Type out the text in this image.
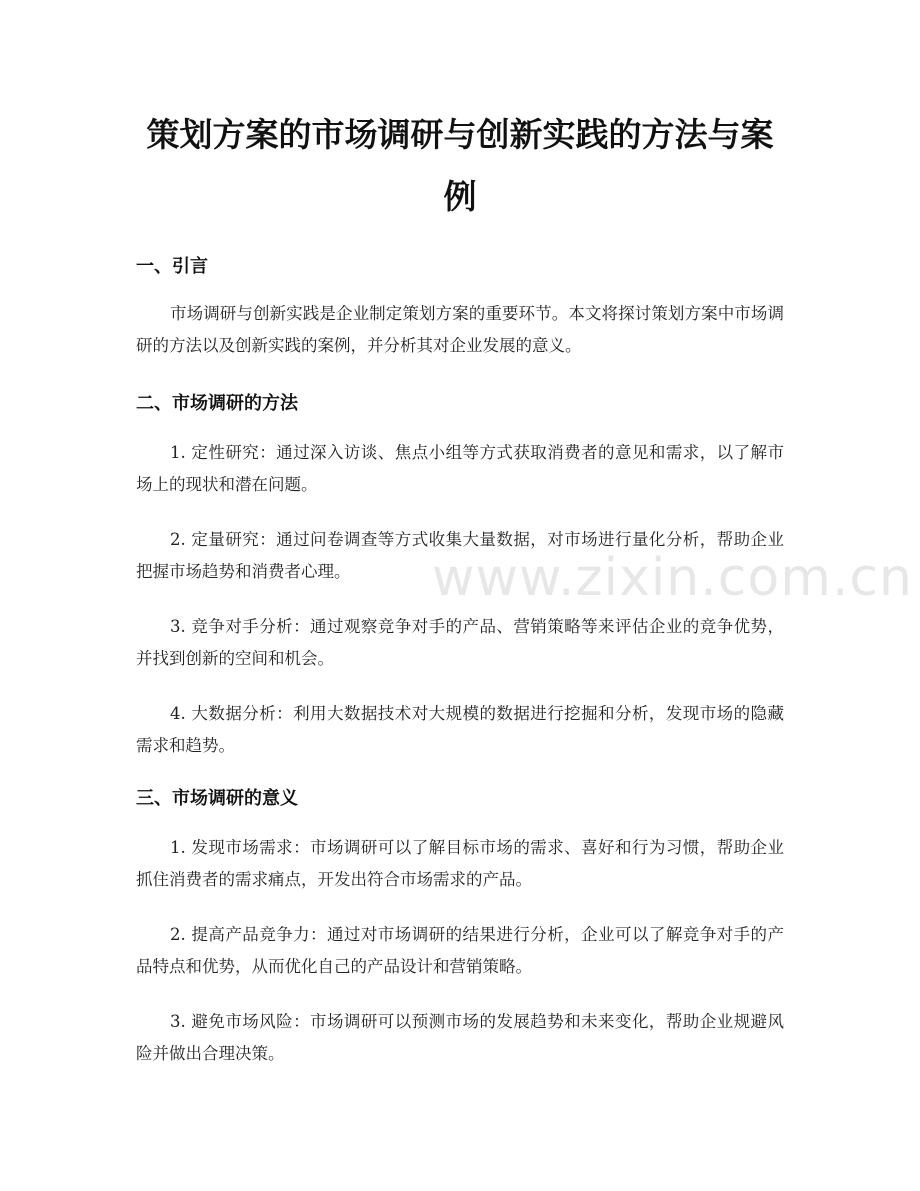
策划方案的市场调研与创新实践的方法与案例
一、引言

市场调研与创新实践是企业制定策划方案的重要环节。本文将探讨策划方案中市场调研的方法以及创新实践的案例，并分析其对企业发展的意义。

二、市场调研的方法

1. 定性研究：通过深入访谈、焦点小组等方式获取消费者的意见和需求，以了解市场上的现状和潜在问题。

2. 定量研究：通过问卷调查等方式收集大量数据，对市场进行量化分析，帮助企业把握市场趋势和消费者心理。

3. 竞争对手分析：通过观察竞争对手的产品、营销策略等来评估企业的竞争优势，并找到创新的空间和机会。

4. 大数据分析：利用大数据技术对大规模的数据进行挖掘和分析，发现市场的隐藏需求和趋势。

三、市场调研的意义

1. 发现市场需求：市场调研可以了解目标市场的需求、喜好和行为习惯，帮助企业抓住消费者的需求痛点，开发出符合市场需求的产品。

2. 提高产品竞争力：通过对市场调研的结果进行分析，企业可以了解竞争对手的产品特点和优势，从而优化自己的产品设计和营销策略。

3. 避免市场风险：市场调研可以预测市场的发展趋势和未来变化，帮助企业规避风险并做出合理决策。

www.zixin.com.cn
